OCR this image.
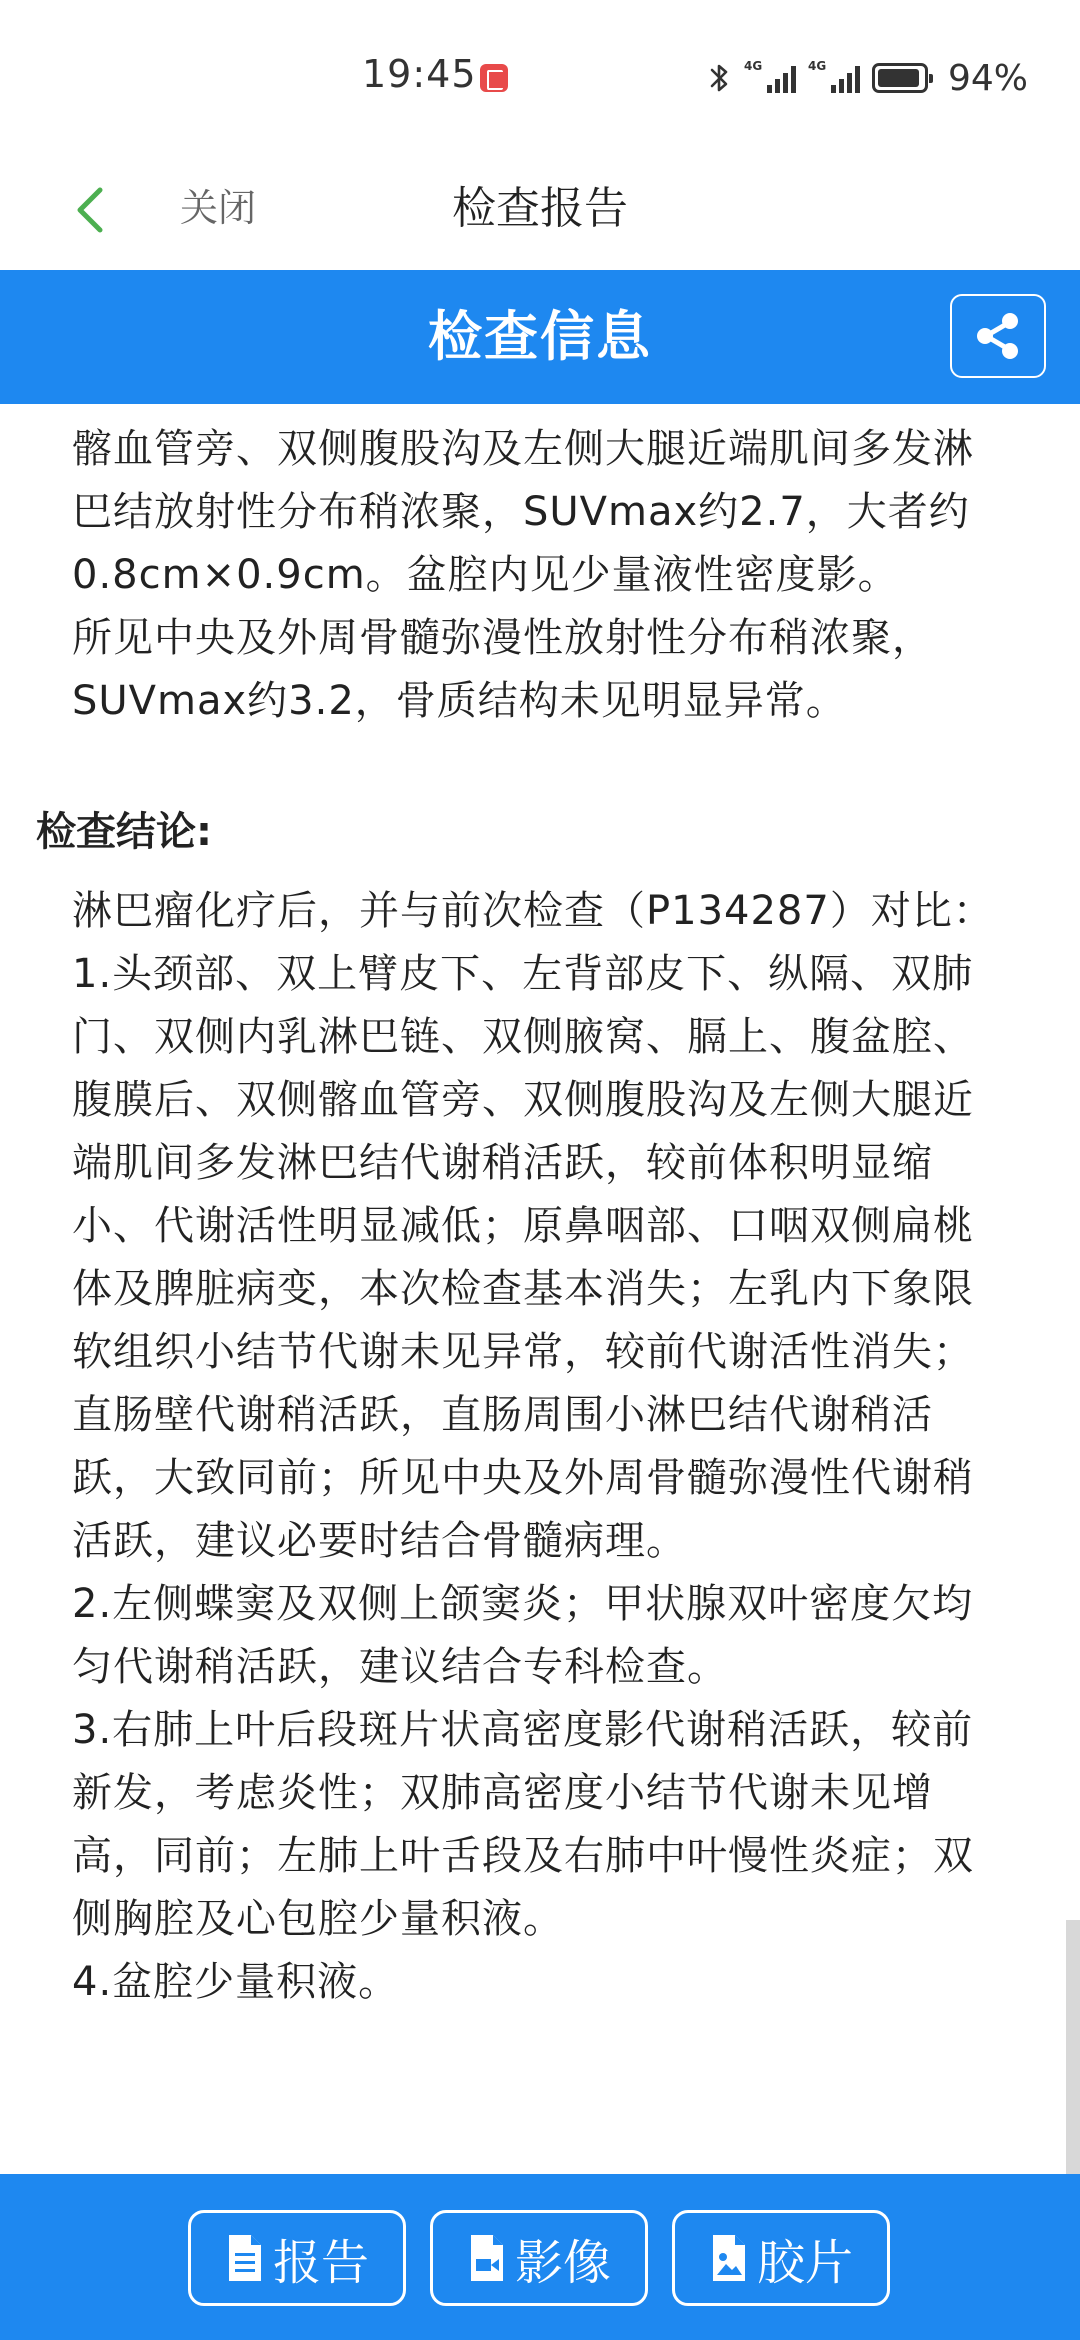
19:45	4G	4G	94%
关闭	检查报告
检查信息

髂血管旁、双侧腹股沟及左侧大腿近端肌间多发淋巴结放射性分布稍浓聚，SUVmax约2.7，大者约0.8cm×0.9cm。盆腔内见少量液性密度影。

所见中央及外周骨髓弥漫性放射性分布稍浓聚，SUVmax约3.2，骨质结构未见明显异常。

检查结论:

淋巴瘤化疗后，并与前次检查（P134287）对比：

1.头颈部、双上臂皮下、左背部皮下、纵隔、双肺门、双侧内乳淋巴链、双侧腋窝、膈上、腹盆腔、腹膜后、双侧髂血管旁、双侧腹股沟及左侧大腿近端肌间多发淋巴结代谢稍活跃，较前体积明显缩小、代谢活性明显减低；原鼻咽部、口咽双侧扁桃体及脾脏病变，本次检查基本消失；左乳内下象限软组织小结节代谢未见异常，较前代谢活性消失；直肠壁代谢稍活跃，直肠周围小淋巴结代谢稍活跃，大致同前；所见中央及外周骨髓弥漫性代谢稍活跃，建议必要时结合骨髓病理。

2.左侧蝶窦及双侧上颌窦炎；甲状腺双叶密度欠均匀代谢稍活跃，建议结合专科检查。

3.右肺上叶后段斑片状高密度影代谢稍活跃，较前新发，考虑炎性；双肺高密度小结节代谢未见增高，同前；左肺上叶舌段及右肺中叶慢性炎症；双侧胸腔及心包腔少量积液。

4.盆腔少量积液。

报告	影像	胶片
